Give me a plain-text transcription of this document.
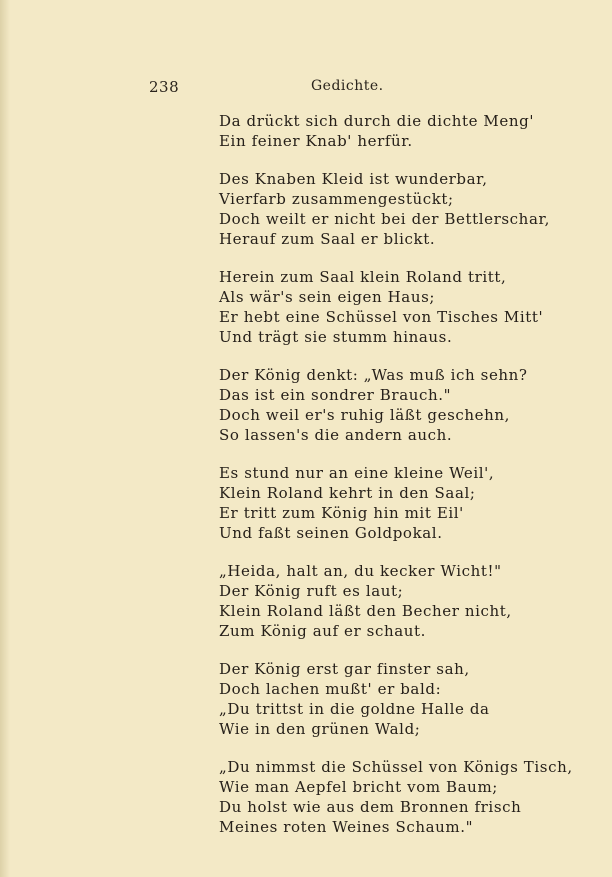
238	Gedichte.
Da drückt sich durch die dichte Meng'
Ein feiner Knab' herfür.
Des Knaben Kleid ist wunderbar,
Vierfarb zusammengestückt;
Doch weilt er nicht bei der Bettlerschar,
Herauf zum Saal er blickt.
Herein zum Saal klein Roland tritt,
Als wär's sein eigen Haus;
Er hebt eine Schüssel von Tisches Mitt'
Und trägt sie stumm hinaus.
Der König denkt: „Was muß ich sehn?
Das ist ein sondrer Brauch."
Doch weil er's ruhig läßt geschehn,
So lassen's die andern auch.
Es stund nur an eine kleine Weil',
Klein Roland kehrt in den Saal;
Er tritt zum König hin mit Eil'
Und faßt seinen Goldpokal.
„Heida, halt an, du kecker Wicht!"
Der König ruft es laut;
Klein Roland läßt den Becher nicht,
Zum König auf er schaut.
Der König erst gar finster sah,
Doch lachen mußt' er bald:
„Du trittst in die goldne Halle da
Wie in den grünen Wald;
„Du nimmst die Schüssel von Königs Tisch,
Wie man Aepfel bricht vom Baum;
Du holst wie aus dem Bronnen frisch
Meines roten Weines Schaum."
